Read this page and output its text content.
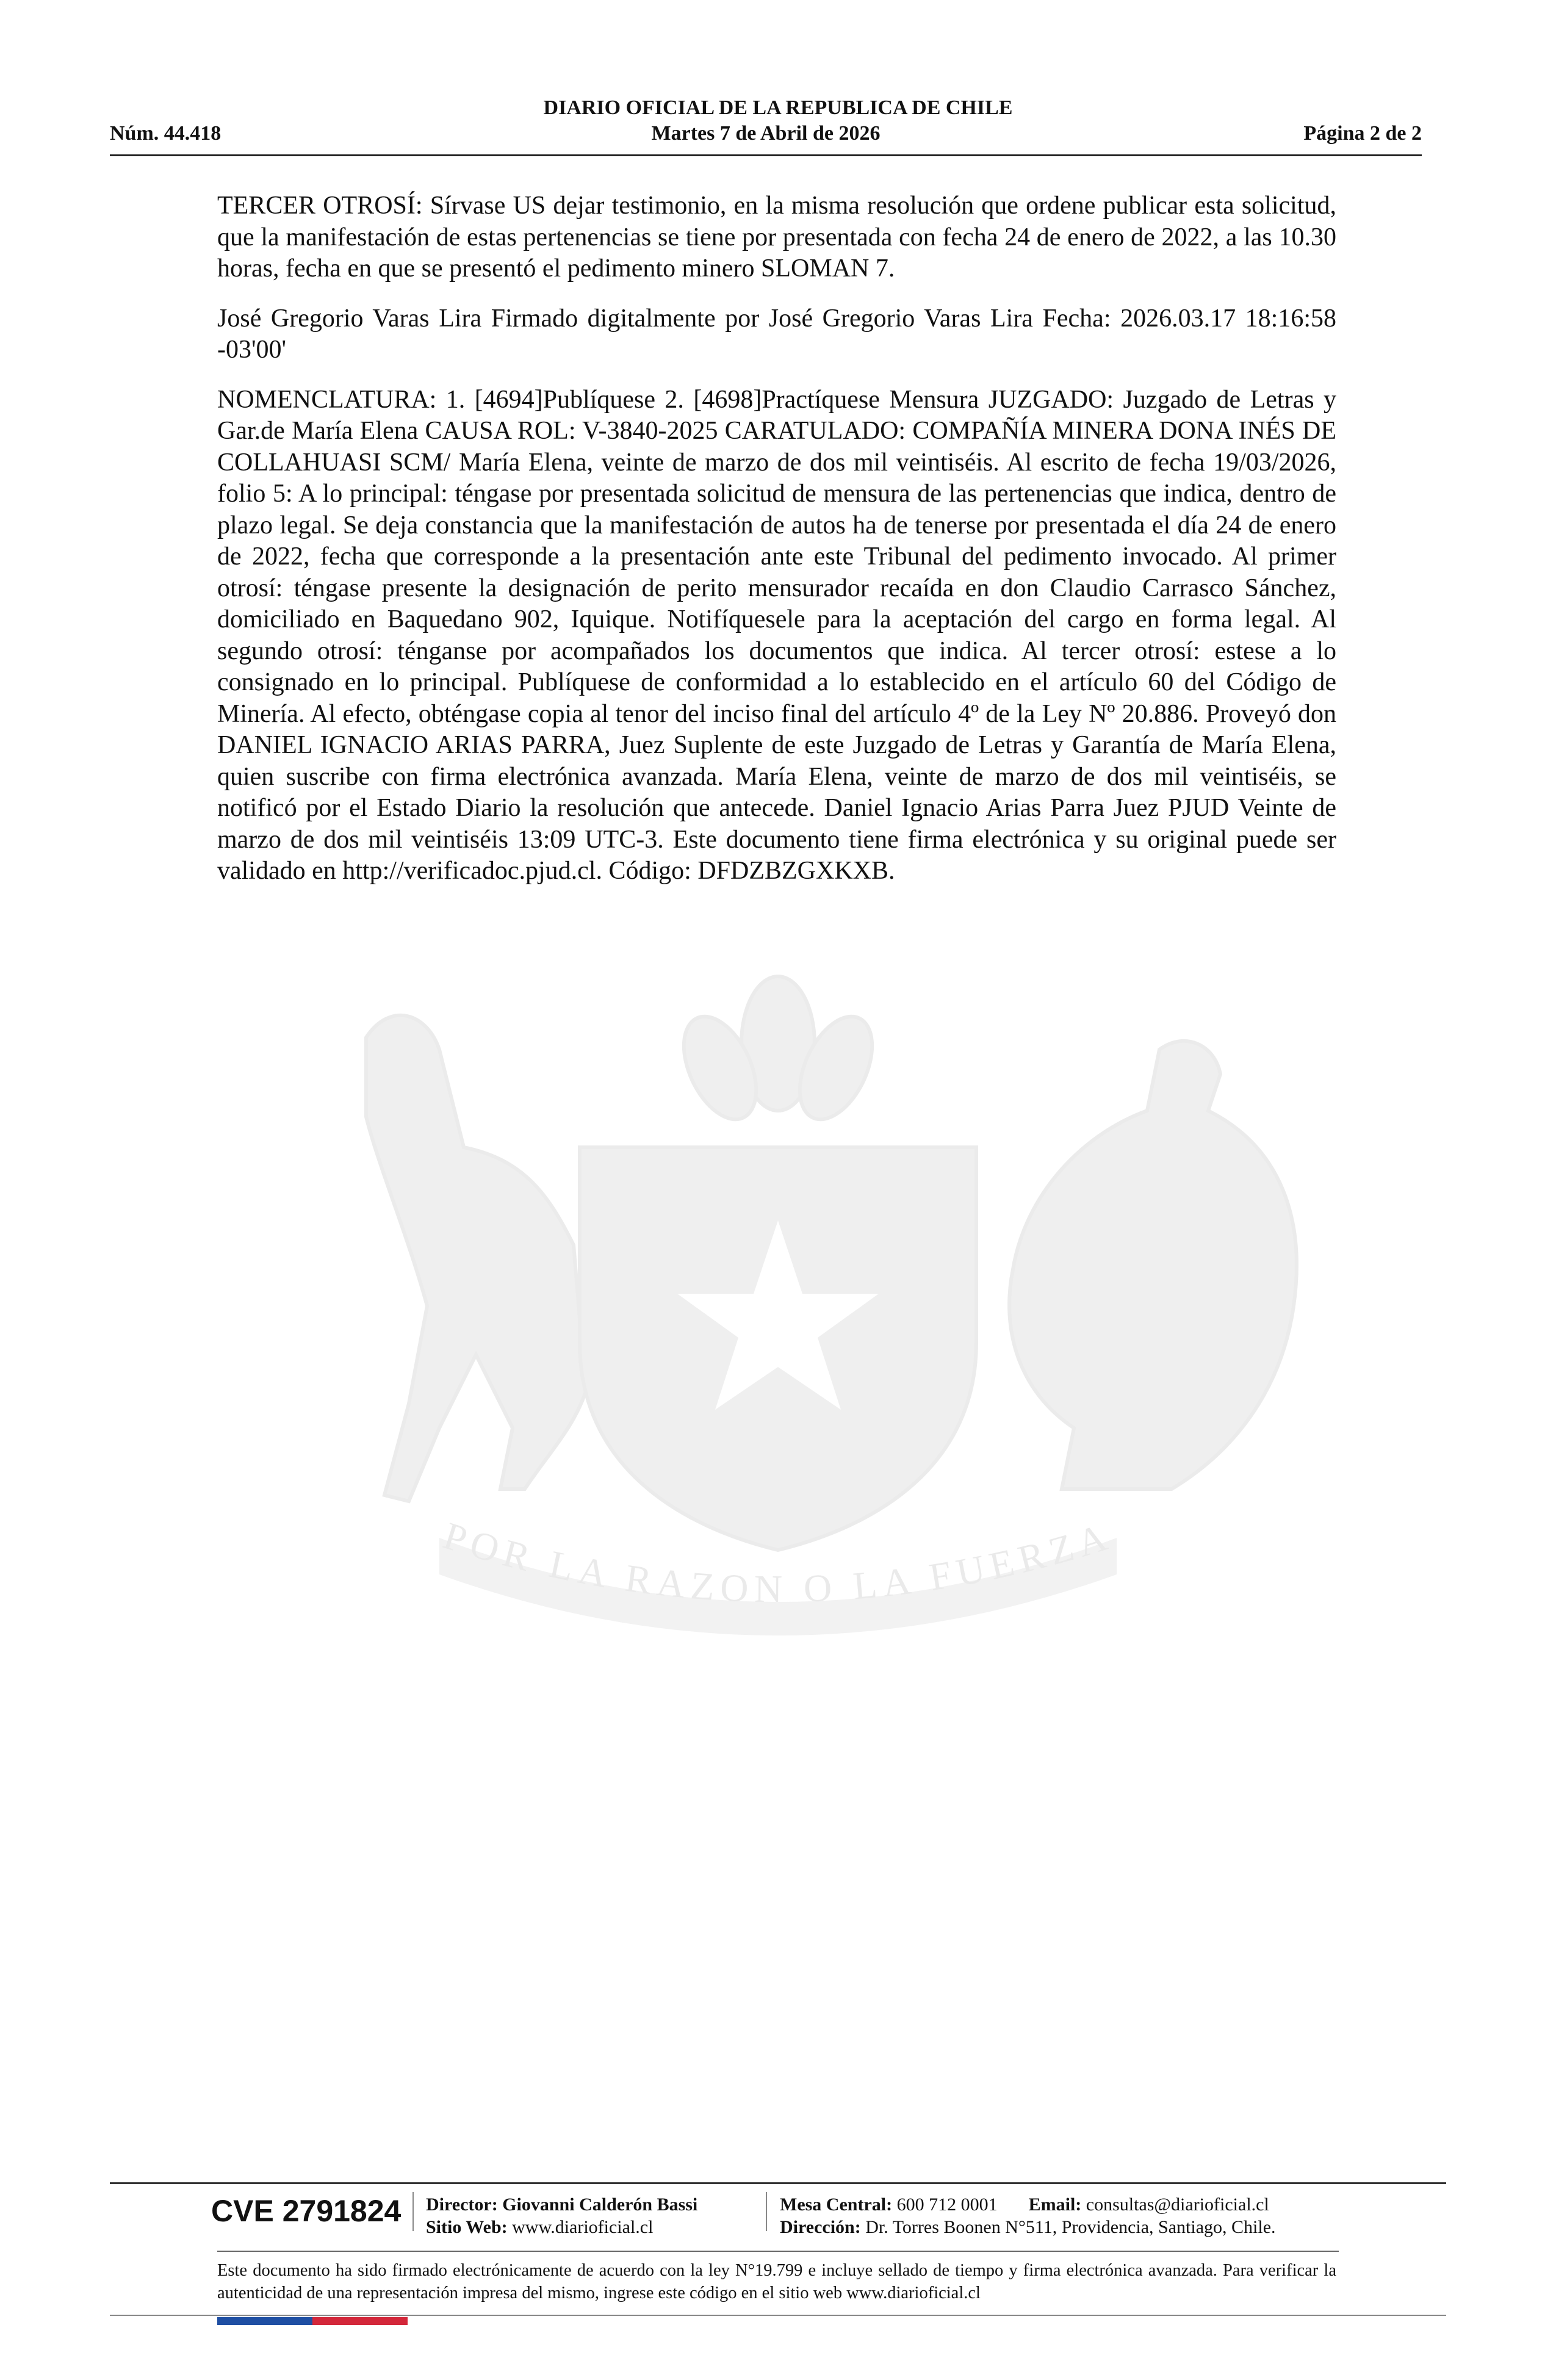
DIARIO OFICIAL DE LA REPUBLICA DE CHILE
Núm. 44.418	Martes 7 de Abril de 2026	Página 2 de 2
POR LA RAZON O LA FUERZA

TERCER OTROSÍ: Sírvase US dejar testimonio, en la misma resolución que ordene publicar esta solicitud, que la manifestación de estas pertenencias se tiene por presentada con fecha 24 de enero de 2022, a las 10.30 horas, fecha en que se presentó el pedimento minero SLOMAN 7.

José Gregorio Varas Lira Firmado digitalmente por José Gregorio Varas Lira Fecha: 2026.03.17 18:16:58 -03'00'

NOMENCLATURA: 1. [4694]Publíquese 2. [4698]Practíquese Mensura JUZGADO: Juzgado de Letras y Gar.de María Elena CAUSA ROL: V-3840-2025 CARATULADO: COMPAÑÍA MINERA DONA INÉS DE COLLAHUASI SCM/ María Elena, veinte de marzo de dos mil veintiséis. Al escrito de fecha 19/03/2026, folio 5: A lo principal: téngase por presentada solicitud de mensura de las pertenencias que indica, dentro de plazo legal. Se deja constancia que la manifestación de autos ha de tenerse por presentada el día 24 de enero de 2022, fecha que corresponde a la presentación ante este Tribunal del pedimento invocado. Al primer otrosí: téngase presente la designación de perito mensurador recaída en don Claudio Carrasco Sánchez, domiciliado en Baquedano 902, Iquique. Notifíquesele para la aceptación del cargo en forma legal. Al segundo otrosí: ténganse por acompañados los documentos que indica. Al tercer otrosí: estese a lo consignado en lo principal. Publíquese de conformidad a lo establecido en el artículo 60 del Código de Minería. Al efecto, obténgase copia al tenor del inciso final del artículo 4º de la Ley Nº 20.886. Proveyó don DANIEL IGNACIO ARIAS PARRA, Juez Suplente de este Juzgado de Letras y Garantía de María Elena, quien suscribe con firma electrónica avanzada. María Elena, veinte de marzo de dos mil veintiséis, se notificó por el Estado Diario la resolución que antecede. Daniel Ignacio Arias Parra Juez PJUD Veinte de marzo de dos mil veintiséis 13:09 UTC-3. Este documento tiene firma electrónica y su original puede ser validado en http://verificadoc.pjud.cl. Código: DFDZBZGXKXB.

CVE 2791824 Director: Giovanni Calderón Bassi
Sitio Web: www.diarioficial.cl
Mesa Central: 600 712 0001 Email: consultas@diarioficial.cl
Dirección: Dr. Torres Boonen N°511, Providencia, Santiago, Chile.
Este documento ha sido firmado electrónicamente de acuerdo con la ley N°19.799 e incluye sellado de tiempo y firma electrónica avanzada. Para verificar la autenticidad de una representación impresa del mismo, ingrese este código en el sitio web www.diarioficial.cl
